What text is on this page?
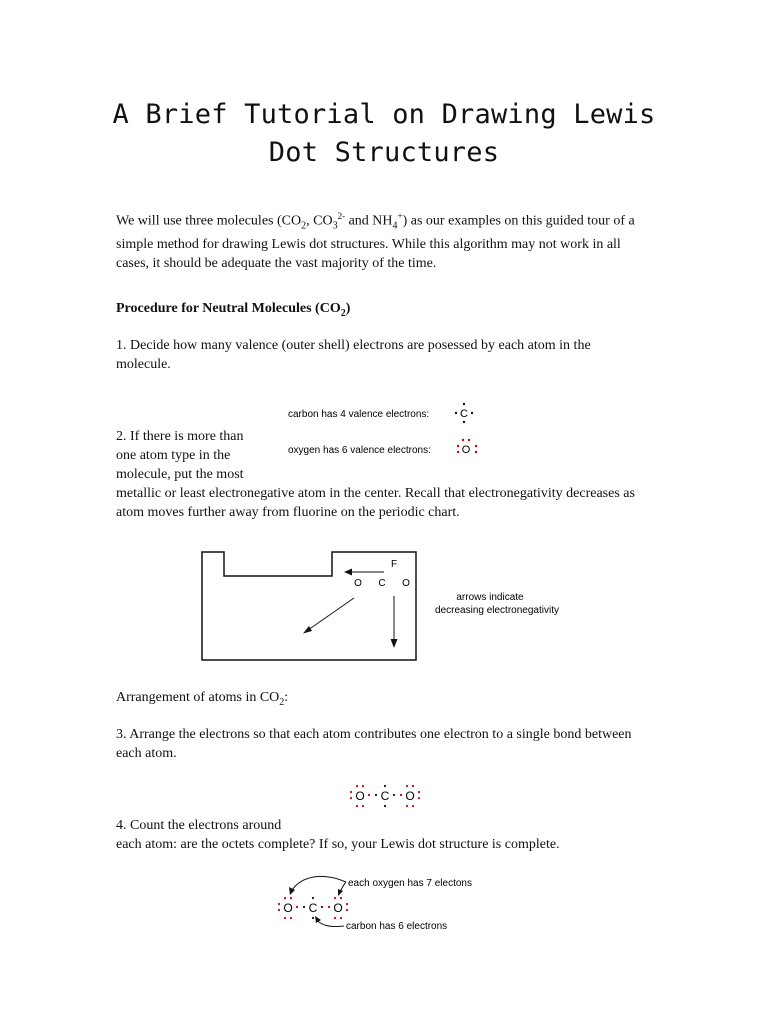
A Brief Tutorial on Drawing Lewis
Dot Structures

We will use three molecules ($CO_2$, $CO_3^{2-}$ and $NH_4^+$) as our examples on this guided tour of a simple method for drawing Lewis dot structures. While this algorithm may not work in all cases, it should be adequate the vast majority of the time.

Procedure for Neutral Molecules $(CO_2)$

1. Decide how many valence (outer shell) electrons are posessed by each atom in the molecule.

carbon has 4 valence electrons:
oxygen has 6 valence electrons:
C
O

2. If there is more than

one atom type in the

molecule, put the most

metallic or least electronegative atom in the center. Recall that electronegativity decreases as atom moves further away from fluorine on the periodic chart.

F
O C O
arrows indicate
decreasing electronegativity

Arrangement of atoms in $CO_2$:

3. Arrange the electrons so that each atom contributes one electron to a single bond between each atom.

O C O

4. Count the electrons around

each atom: are the octets complete? If so, your Lewis dot structure is complete.

each oxygen has 7 electons
carbon has 6 electrons
O C O
